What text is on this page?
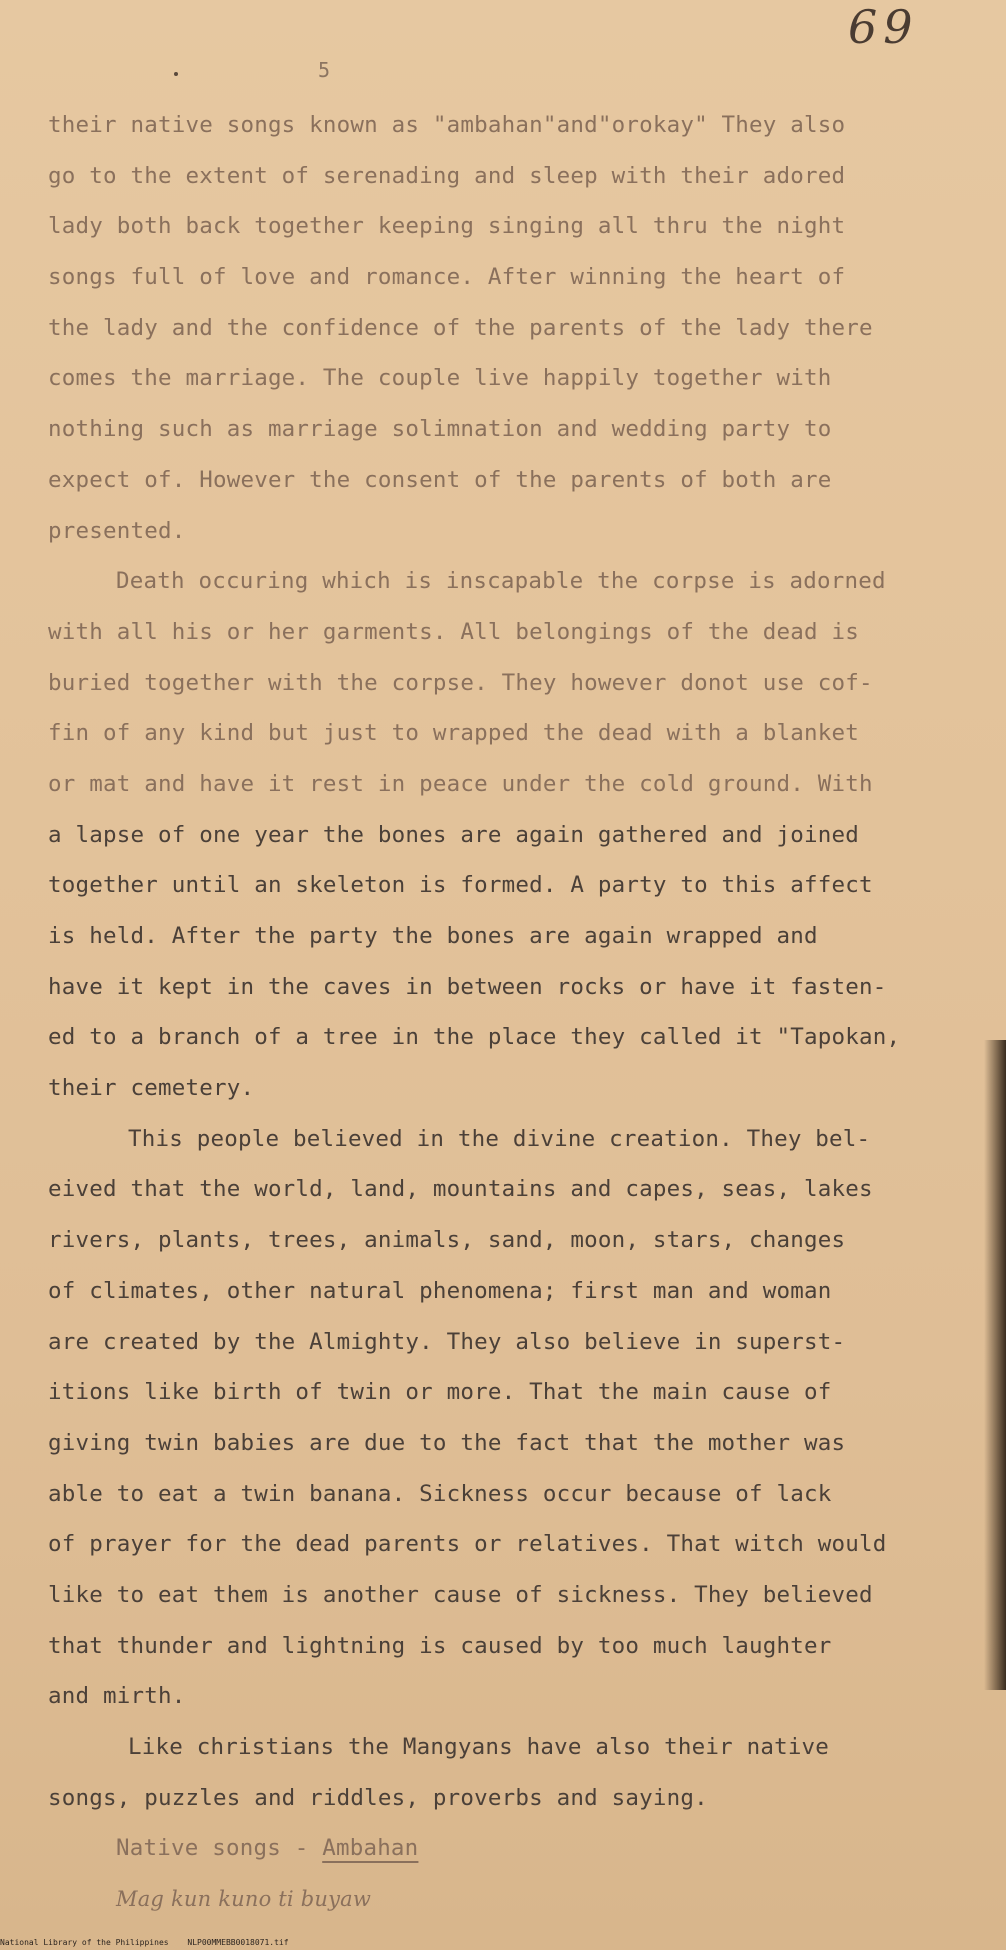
69
5
their native songs known as "ambahan"and"orokay" They also
go to the extent of serenading and sleep with their adored
lady both back together keeping singing all thru the night
songs full of love and romance. After winning the heart of
the lady and the confidence of the parents of the lady there
comes the marriage. The couple live happily together with
nothing such as marriage solimnation and wedding party to
expect of. However the consent of the parents of both are
presented.
Death occuring which is inscapable the corpse is adorned
with all his or her garments. All belongings of the dead is
buried together with the corpse. They however donot use cof-
fin of any kind but just to wrapped the dead with a blanket
or mat and have it rest in peace under the cold ground. With
a lapse of one year the bones are again gathered and joined
together until an skeleton is formed. A party to this affect
is held. After the party the bones are again wrapped and
have it kept in the caves in between rocks or have it fasten-
ed to a branch of a tree in the place they called it "Tapokan,
their cemetery.
This people believed in the divine creation. They bel-
eived that the world, land, mountains and capes, seas, lakes
rivers, plants, trees, animals, sand, moon, stars, changes
of climates, other natural phenomena; first man and woman
are created by the Almighty. They also believe in superst-
itions like birth of twin or more. That the main cause of
giving twin babies are due to the fact that the mother was
able to eat a twin banana. Sickness occur because of lack
of prayer for the dead parents or relatives. That witch would
like to eat them is another cause of sickness. They believed
that thunder and lightning is caused by too much laughter
and mirth.
Like christians the Mangyans have also their native
songs, puzzles and riddles, proverbs and saying.
Native songs - Ambahan
Mag kun kuno ti buyaw
National Library of the Philippines NLP00MMEBB0018071.tif
